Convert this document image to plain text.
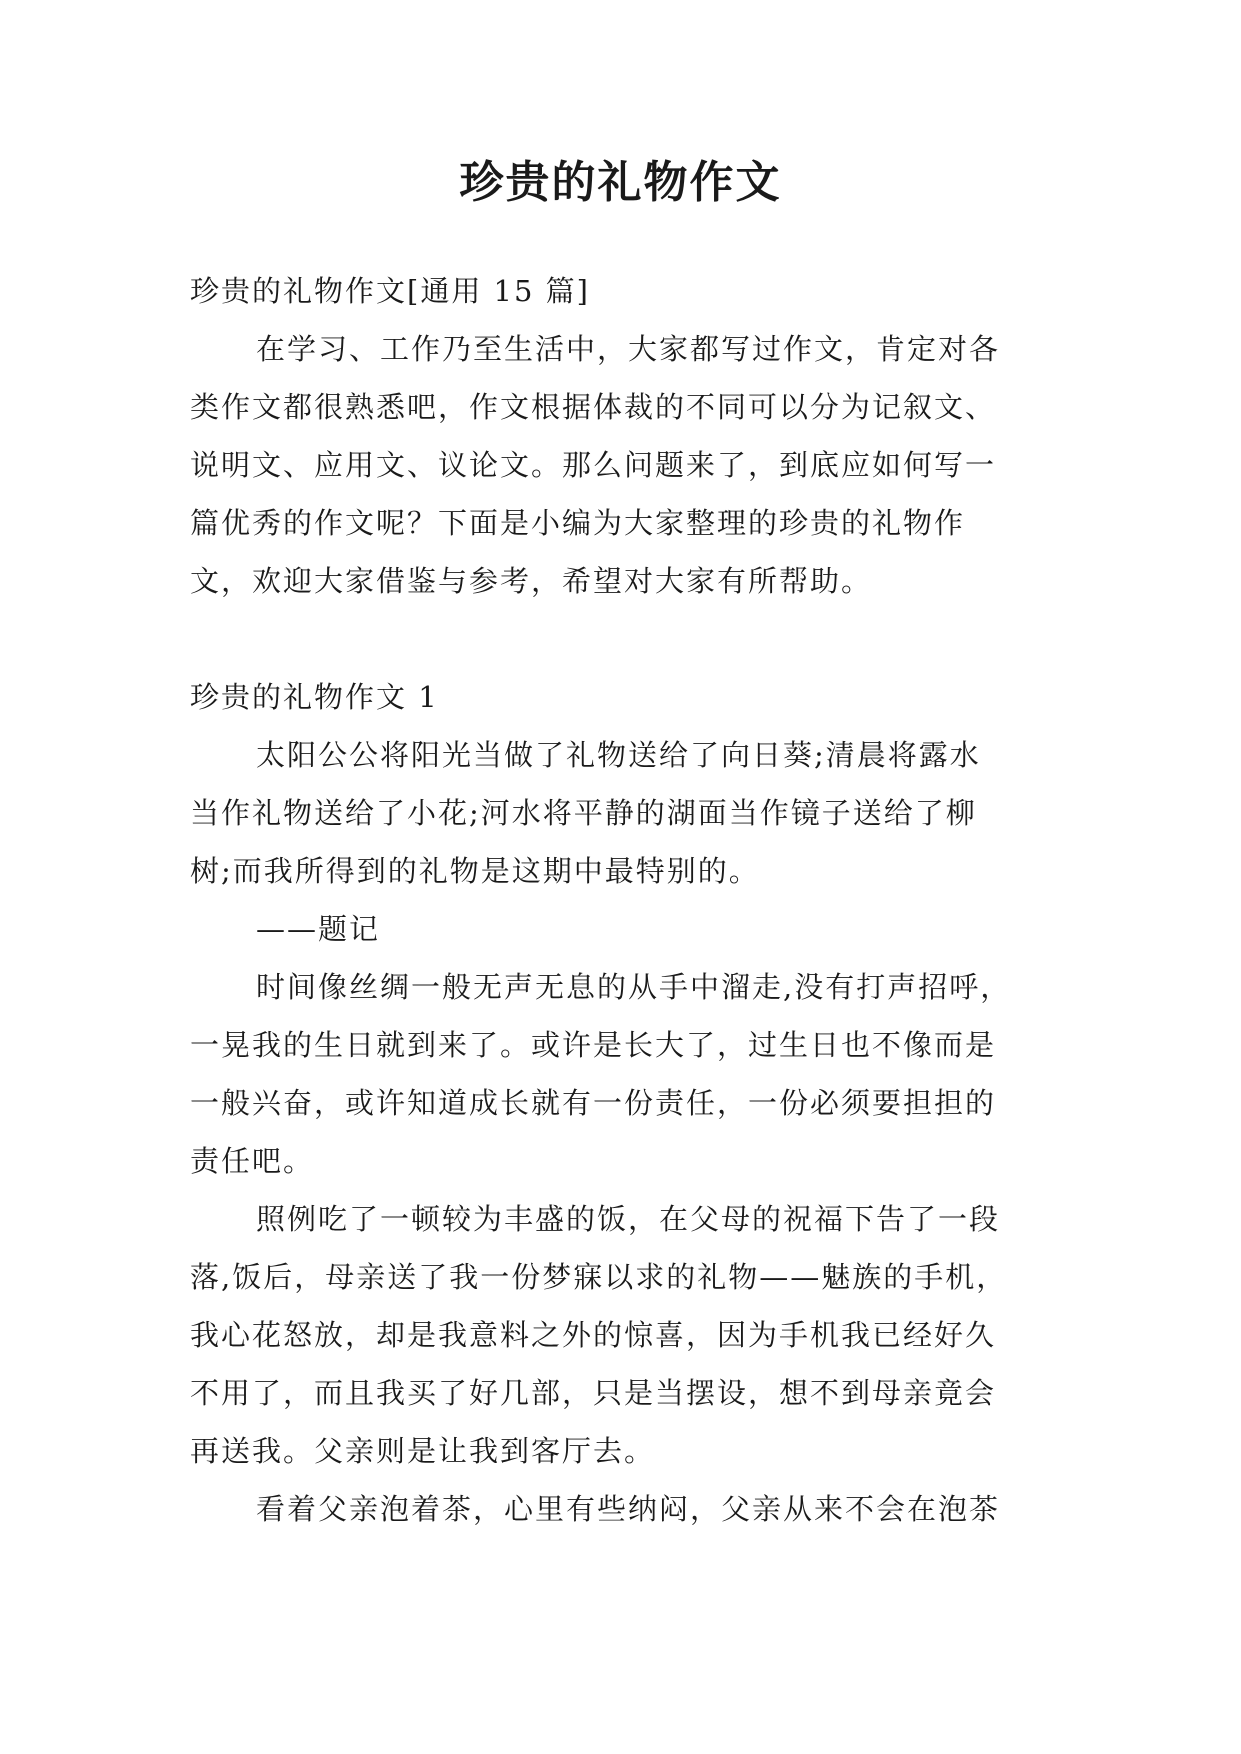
珍贵的礼物作文

珍贵的礼物作文[通用 15 篇]

在学习、工作乃至生活中，大家都写过作文，肯定对各

类作文都很熟悉吧，作文根据体裁的不同可以分为记叙文、

说明文、应用文、议论文。那么问题来了，到底应如何写一

篇优秀的作文呢？下面是小编为大家整理的珍贵的礼物作

文，欢迎大家借鉴与参考，希望对大家有所帮助。

珍贵的礼物作文 1

太阳公公将阳光当做了礼物送给了向日葵;清晨将露水

当作礼物送给了小花;河水将平静的湖面当作镜子送给了柳

树;而我所得到的礼物是这期中最特别的。

——题记

时间像丝绸一般无声无息的从手中溜走,没有打声招呼，

一晃我的生日就到来了。或许是长大了，过生日也不像而是

一般兴奋，或许知道成长就有一份责任，一份必须要担担的

责任吧。

照例吃了一顿较为丰盛的饭，在父母的祝福下告了一段

落,饭后，母亲送了我一份梦寐以求的礼物——魅族的手机，

我心花怒放，却是我意料之外的惊喜，因为手机我已经好久

不用了，而且我买了好几部，只是当摆设，想不到母亲竟会

再送我。父亲则是让我到客厅去。

看着父亲泡着茶，心里有些纳闷，父亲从来不会在泡茶
